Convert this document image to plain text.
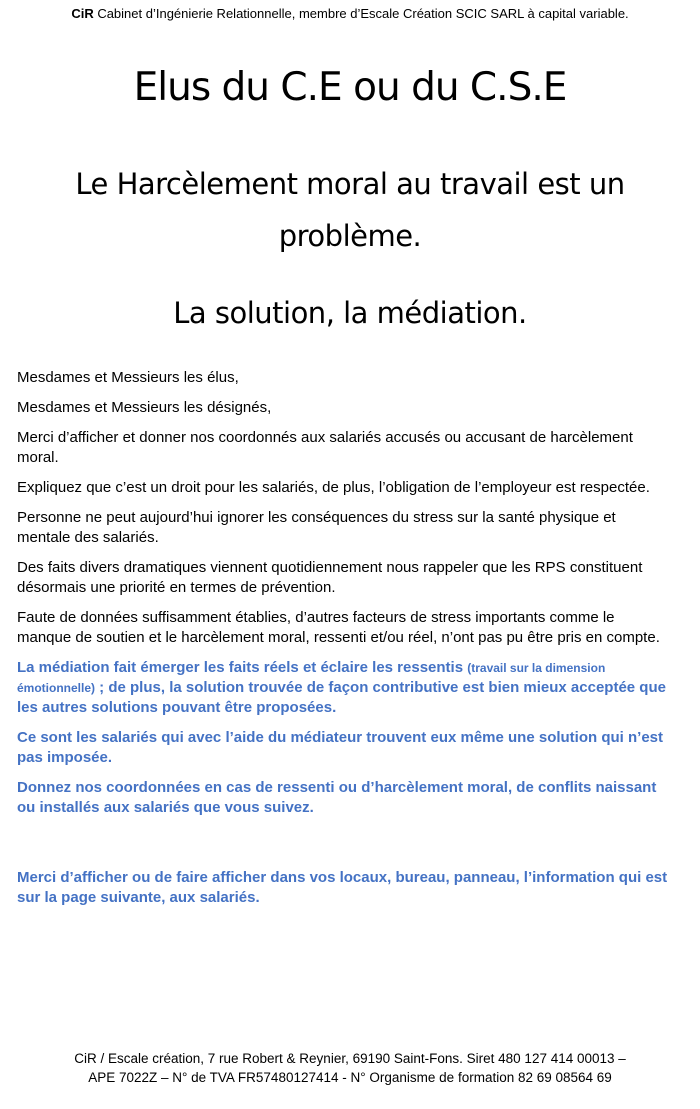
CiR Cabinet d’Ingénierie Relationnelle, membre d’Escale Création SCIC SARL à capital variable.
Elus du C.E ou du C.S.E
Le Harcèlement moral au travail est un problème.
La solution, la médiation.

Mesdames et Messieurs les élus,

Mesdames et Messieurs les désignés,

Merci d’afficher et donner nos coordonnés aux salariés accusés ou accusant de harcèlement moral.

Expliquez que c’est un droit pour les salariés, de plus, l’obligation de l’employeur est respectée.

Personne ne peut aujourd’hui ignorer les conséquences du stress sur la santé physique et mentale des salariés.

Des faits divers dramatiques viennent quotidiennement nous rappeler que les RPS constituent désormais une priorité en termes de prévention.

Faute de données suffisamment établies, d’autres facteurs de stress importants comme le manque de soutien et le harcèlement moral, ressenti et/ou réel, n’ont pas pu être pris en compte.

La médiation fait émerger les faits réels et éclaire les ressentis (travail sur la dimension émotionnelle) ; de plus, la solution trouvée de façon contributive est bien mieux acceptée que les autres solutions pouvant être proposées.

Ce sont les salariés qui avec l’aide du médiateur trouvent eux même une solution qui n’est pas imposée.

Donnez nos coordonnées en cas de ressenti ou d’harcèlement moral, de conflits naissant ou installés aux salariés que vous suivez.

Merci d’afficher ou de faire afficher dans vos locaux, bureau, panneau, l’information qui est sur la page suivante, aux salariés.

CiR / Escale création, 7 rue Robert & Reynier, 69190 Saint-Fons. Siret 480 127 414 00013 –
APE 7022Z – N° de TVA FR57480127414 - N° Organisme de formation 82 69 08564 69
